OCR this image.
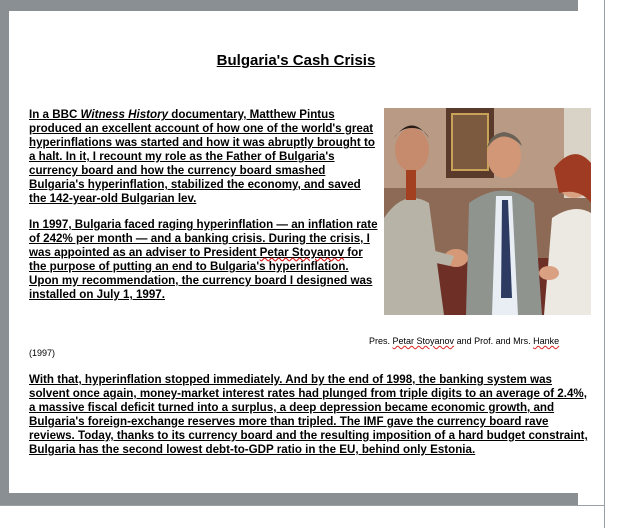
Bulgaria's Cash Crisis

In a BBC Witness History documentary, Matthew Pintus produced an excellent account of how one of the world's great hyperinflations was started and how it was abruptly brought to a halt. In it, I recount my role as the Father of Bulgaria's currency board and how the currency board smashed Bulgaria's hyperinflation, stabilized the economy, and saved the 142-year-old Bulgarian lev.

In 1997, Bulgaria faced raging hyperinflation — an inflation rate of 242% per month — and a banking crisis. During the crisis, I was appointed as an adviser to President Petar Stoyanov for the purpose of putting an end to Bulgaria's hyperinflation. Upon my recommendation, the currency board I designed was installed on July 1, 1997.

Pres. Petar Stoyanov and Prof. and Mrs. Hanke

(1997)

With that, hyperinflation stopped immediately. And by the end of 1998, the banking system was solvent once again, money-market interest rates had plunged from triple digits to an average of 2.4%, a massive fiscal deficit turned into a surplus, a deep depression became economic growth, and Bulgaria's foreign-exchange reserves more than tripled. The IMF gave the currency board rave reviews. Today, thanks to its currency board and the resulting imposition of a hard budget constraint, Bulgaria has the second lowest debt-to-GDP ratio in the EU, behind only Estonia.
